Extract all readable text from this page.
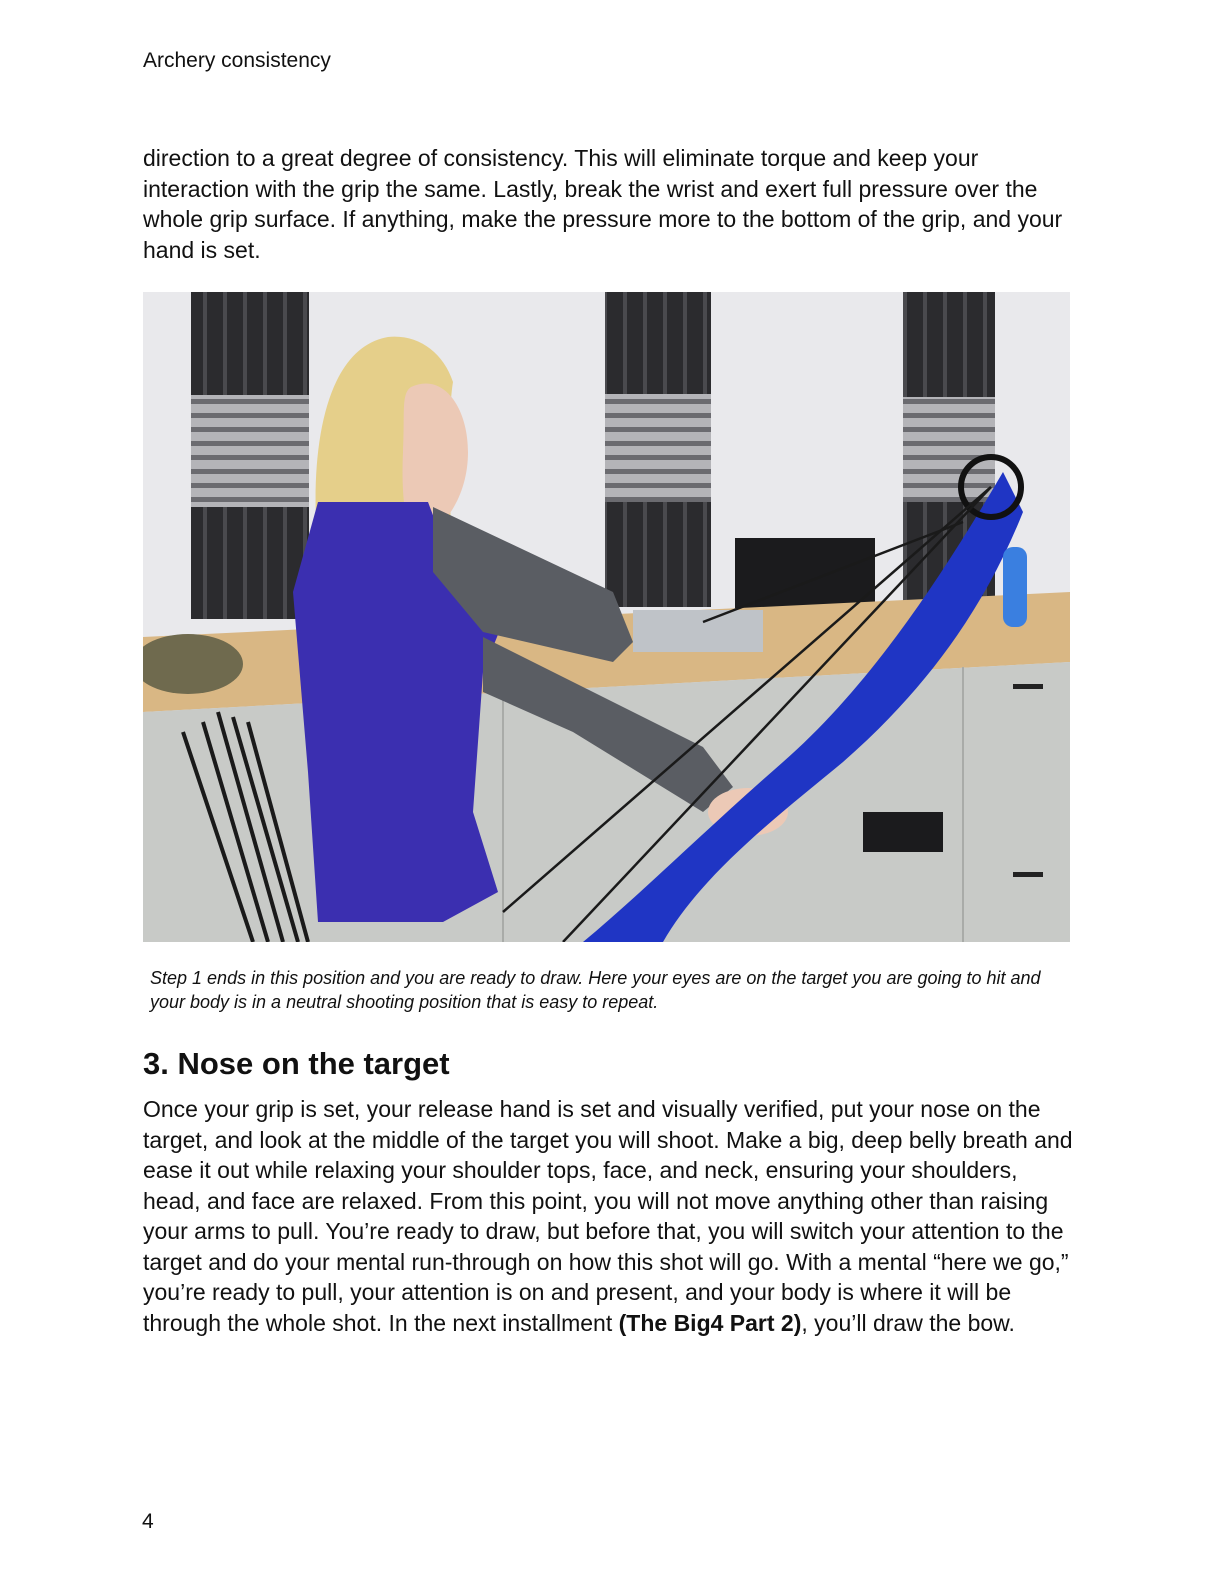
Archery consistency

direction to a great degree of consistency. This will eliminate torque and keep your interaction with the grip the same. Lastly, break the wrist and exert full pressure over the whole grip surface. If anything, make the pressure more to the bottom of the grip, and your hand is set.

Step 1 ends in this position and you are ready to draw. Here your eyes are on the target you are going to hit and your body is in a neutral shooting position that is easy to repeat.

3. Nose on the target

Once your grip is set, your release hand is set and visually verified, put your nose on the target, and look at the middle of the target you will shoot. Make a big, deep belly breath and ease it out while relaxing your shoulder tops, face, and neck, ensuring your shoulders, head, and face are relaxed. From this point, you will not move anything other than raising your arms to pull. You’re ready to draw, but before that, you will switch your attention to the target and do your mental run-through on how this shot will go. With a mental “here we go,” you’re ready to pull, your attention is on and present, and your body is where it will be through the whole shot. In the next installment (The Big4 Part 2), you’ll draw the bow.

4
